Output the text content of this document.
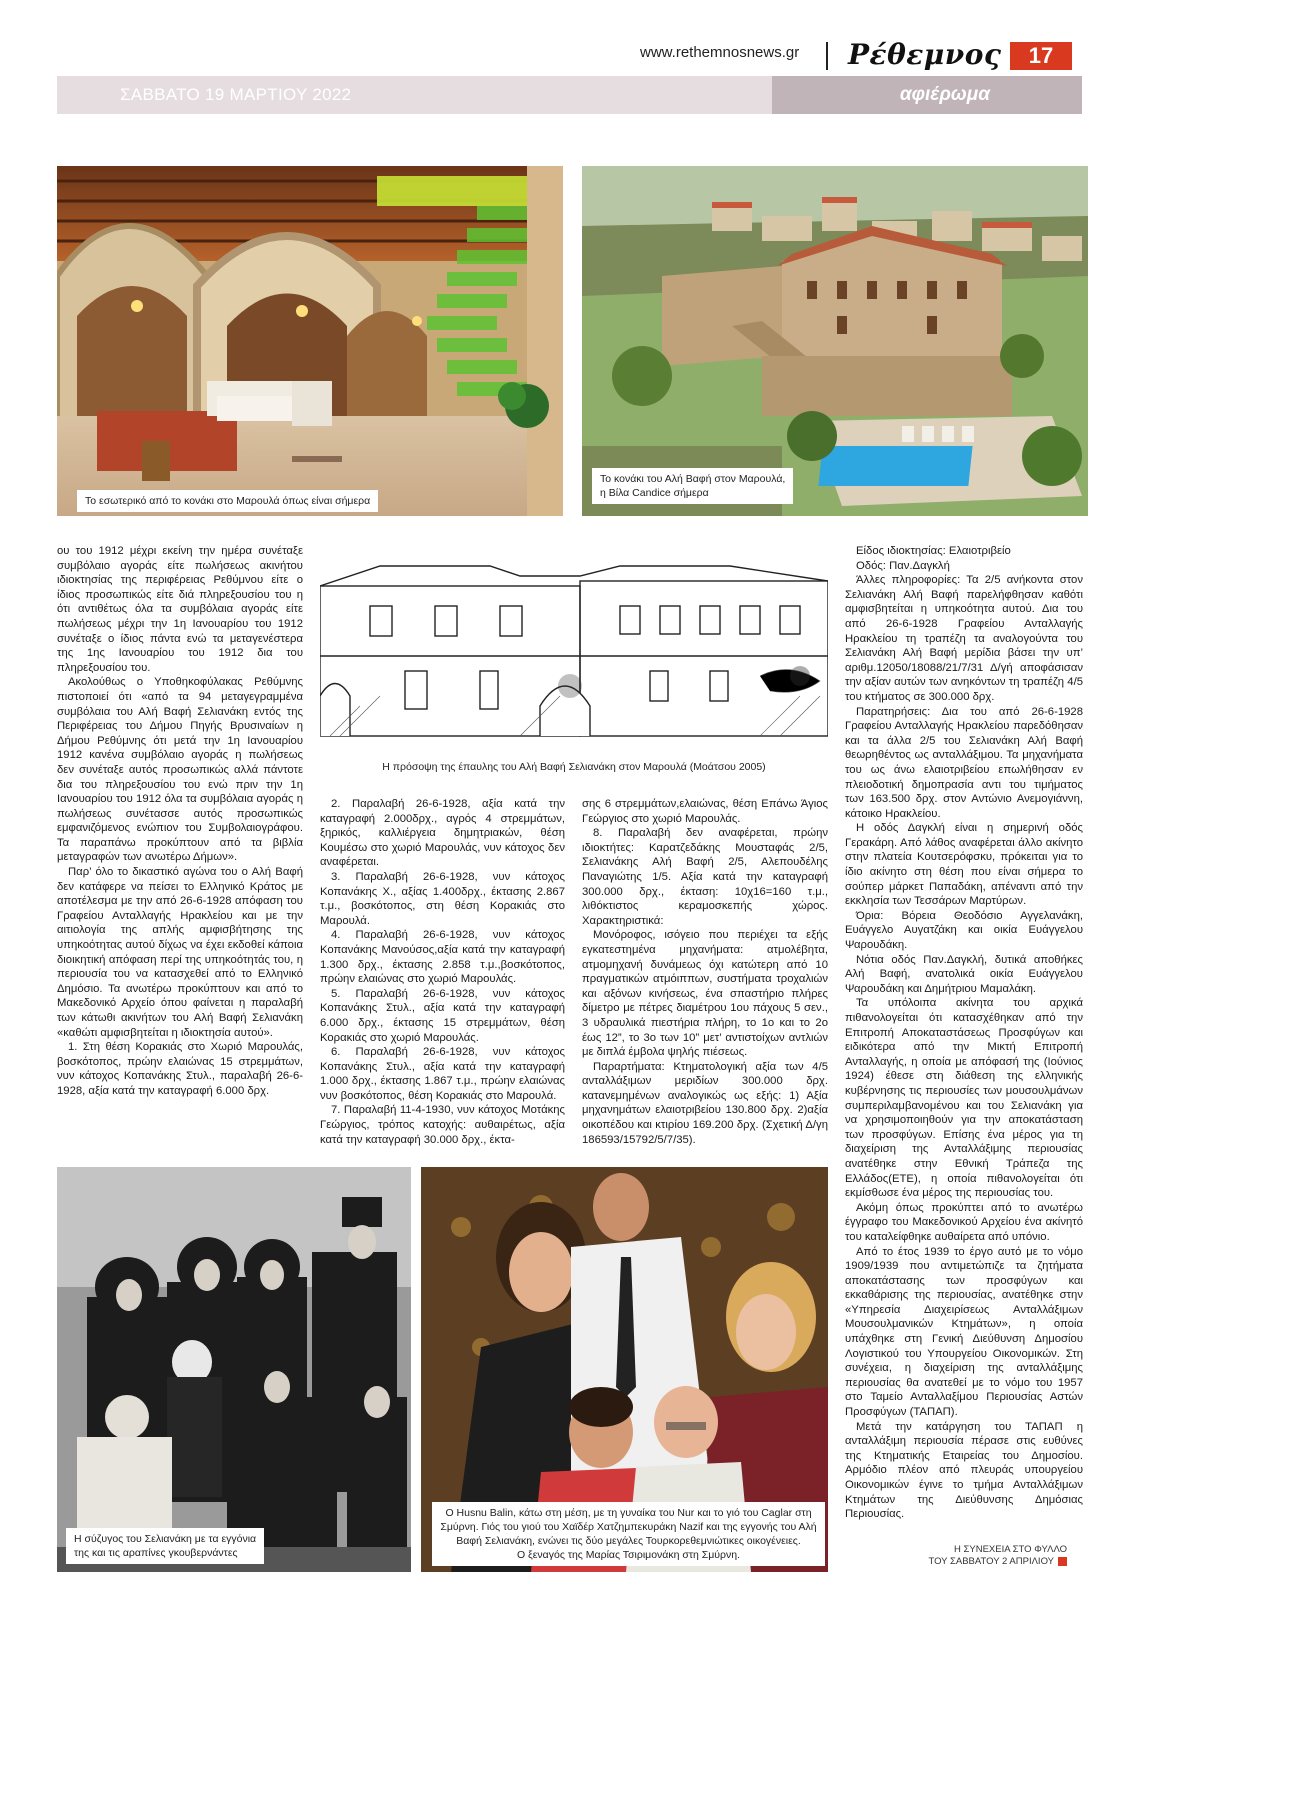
www.rethemnosnews.gr Ρέθεμνος	17
ΣΑΒΒΑΤΟ 19 ΜΑΡΤΙΟΥ 2022	αφιέρωμα
Το εσωτερικό από το κονάκι στο Μαρουλά όπως είναι σήμερα
Το κονάκι του Αλή Βαφή στον Μαρουλά,
η Βίλα Candice σήμερα
Η πρόσοψη της έπαυλης του Αλή Βαφή Σελιανάκη στον Μαρουλά (Μοάτσου 2005)

ου του 1912 μέχρι εκείνη την ημέρα συνέταξε συμβόλαιο αγοράς είτε πωλήσεως ακινήτου ιδιοκτησίας της περιφέρειας Ρεθύμνου είτε ο ίδιος προσωπικώς είτε διά πληρεξουσίου του η ότι αντιθέτως όλα τα συμβόλαια αγοράς είτε πωλήσεως μέχρι την 1η Ιανουαρίου του 1912 συνέταξε ο ίδιος πάντα ενώ τα μεταγενέστερα της 1ης Ιανουαρίου του 1912 δια του πληρεξουσίου του.

Ακολούθως ο Υποθηκοφύλακας Ρεθύμνης πιστοποιεί ότι «από τα 94 μεταγεγραμμένα συμβόλαια του Αλή Βαφή Σελιανάκη εντός της Περιφέρειας του Δήμου Πηγής Βρυσιναίων η Δήμου Ρεθύμνης ότι μετά την 1η Ιανουαρίου 1912 κανένα συμβόλαιο αγοράς η πωλήσεως δεν συνέταξε αυτός προσωπικώς αλλά πάντοτε δια του πληρεξουσίου του ενώ πριν την 1η Ιανουαρίου του 1912 όλα τα συμβόλαια αγοράς η πωλήσεως συνέτασσε αυτός προσωπικώς εμφανιζόμενος ενώπιον του Συμβολαιογράφου. Τα παραπάνω προκύπτουν από τα βιβλία μεταγραφών των ανωτέρω Δήμων».

Παρ’ όλο το δικαστικό αγώνα του ο Αλή Βαφή δεν κατάφερε να πείσει το Ελληνικό Κράτος με αποτέλεσμα με την από 26-6-1928 απόφαση του Γραφείου Ανταλλαγής Ηρακλείου και με την αιτιολογία της απλής αμφισβήτησης της υπηκοότητας αυτού δίχως να έχει εκδοθεί κάποια διοικητική απόφαση περί της υπηκοότητάς του, η περιουσία του να κατασχεθεί από το Ελληνικό Δημόσιο. Τα ανωτέρω προκύπτουν και από το Μακεδονικό Αρχείο όπου φαίνεται η παραλαβή των κάτωθι ακινήτων του Αλή Βαφή Σελιανάκη «καθώτι αμφισβητείται η ιδιοκτησία αυτού».

1. Στη θέση Κορακιάς στο Χωριό Μαρουλάς, βοσκότοπος, πρώην ελαιώνας 15 στρεμμάτων, νυν κάτοχος Κοπανάκης Στυλ., παραλαβή 26-6-1928, αξία κατά την καταγραφή 6.000 δρχ.

2. Παραλαβή 26-6-1928, αξία κατά την καταγραφή 2.000δρχ., αγρός 4 στρεμμάτων, ξηρικός, καλλιέργεια δημητριακών, θέση Κουμέσω στο χωριό Μαρουλάς, νυν κάτοχος δεν αναφέρεται.

3. Παραλαβή 26-6-1928, νυν κάτοχος Κοπανάκης Χ., αξίας 1.400δρχ., έκτασης 2.867 τ.μ., βοσκότοπος, στη θέση Κορακιάς στο Μαρουλά.

4. Παραλαβή 26-6-1928, νυν κάτοχος Κοπανάκης Μανούσος,αξία κατά την καταγραφή 1.300 δρχ., έκτασης 2.858 τ.μ.,βοσκότοπος, πρώην ελαιώνας στο χωριό Μαρουλάς.

5. Παραλαβή 26-6-1928, νυν κάτοχος Κοπανάκης Στυλ., αξία κατά την καταγραφή 6.000 δρχ., έκτασης 15 στρεμμάτων, θέση Κορακιάς στο χωριό Μαρουλάς.

6. Παραλαβή 26-6-1928, νυν κάτοχος Κοπανάκης Στυλ., αξία κατά την καταγραφή 1.000 δρχ., έκτασης 1.867 τ.μ., πρώην ελαιώνας νυν βοσκότοπος, θέση Κορακιάς στο Μαρουλά.

7. Παραλαβή 11-4-1930, νυν κάτοχος Μοτάκης Γεώργιος, τρόπος κατοχής: αυθαιρέτως, αξία κατά την καταγραφή 30.000 δρχ., έκτα-

σης 6 στρεμμάτων,ελαιώνας, θέση Επάνω Άγιος Γεώργιος στο χωριό Μαρουλάς.

8. Παραλαβή δεν αναφέρεται, πρώην ιδιοκτήτες: Καρατζεδάκης Μουσταφάς 2/5, Σελιανάκης Αλή Βαφή 2/5, Αλεπουδέλης Παναγιώτης 1/5. Αξία κατά την καταγραφή 300.000 δρχ., έκταση: 10χ16=160 τ.μ., λιθόκτιστος κεραμοσκεπής χώρος. Χαρακτηριστικά:

Μονόροφος, ισόγειο που περιέχει τα εξής εγκατεστημένα μηχανήματα: ατμολέβητα, ατμομηχανή δυνάμεως όχι κατώτερη από 10 πραγματικών ατμόιππων, συστήματα τροχαλιών και αξόνων κινήσεως, ένα σπαστήριο πλήρες δίμετρο με πέτρες διαμέτρου 1ου πάχους 5 σεν., 3 υδραυλικά πιεστήρια πλήρη, το 1ο και το 2ο έως 12”, το 3ο των 10” μετ’ αντιστοίχων αντλιών με διπλά έμβολα ψηλής πιέσεως.

Παραρτήματα: Κτηματολογική αξία των 4/5 ανταλλάξιμων μεριδίων 300.000 δρχ. κατανεμημένων αναλογικώς ως εξής: 1) Αξία μηχανημάτων ελαιοτριβείου 130.800 δρχ. 2)αξία οικοπέδου και κτιρίου 169.200 δρχ. (Σχετική Δ/γη 186593/15792/5/7/35).

Είδος ιδιοκτησίας: Ελαιοτριβείο

Οδός: Παν.Δαγκλή

Άλλες πληροφορίες: Τα 2/5 ανήκοντα στον Σελιανάκη Αλή Βαφή παρελήφθησαν καθότι αμφισβητείται η υπηκοότητα αυτού. Δια του από 26-6-1928 Γραφείου Ανταλλαγής Ηρακλείου τη τραπέζη τα αναλογούντα του Σελιανάκη Αλή Βαφή μερίδια βάσει την υπ’ αριθμ.12050/18088/21/7/31 Δ/γή αποφάσισαν την αξίαν αυτών των ανηκόντων τη τραπέζη 4/5 του κτήματος σε 300.000 δρχ.

Παρατηρήσεις: Δια του από 26-6-1928 Γραφείου Ανταλλαγής Ηρακλείου παρεδόθησαν και τα άλλα 2/5 του Σελιανάκη Αλή Βαφή θεωρηθέντος ως ανταλλάξιμου. Τα μηχανήματα του ως άνω ελαιοτριβείου επωλήθησαν εν πλειοδοτική δημοπρασία αντι του τιμήματος των 163.500 δρχ. στον Αντώνιο Ανεμογιάννη, κάτοικο Ηρακλείου.

Η οδός Δαγκλή είναι η σημερινή οδός Γερακάρη. Από λάθος αναφέρεται άλλο ακίνητο στην πλατεία Κουτσερόφσκυ, πρόκειται για το ίδιο ακίνητο στη θέση που είναι σήμερα το σούπερ μάρκετ Παπαδάκη, απέναντι από την εκκλησία των Τεσσάρων Μαρτύρων.

Όρια: Βόρεια Θεοδόσιο Αγγελανάκη, Ευάγγελο Αυγατζάκη και οικία Ευάγγελου Ψαρουδάκη.

Νότια οδός Παν.Δαγκλή, δυτικά αποθήκες Αλή Βαφή, ανατολικά οικία Ευάγγελου Ψαρουδάκη και Δημήτριου Μαμαλάκη.

Τα υπόλοιπα ακίνητα του αρχικά πιθανολογείται ότι κατασχέθηκαν από την Επιτροπή Αποκαταστάσεως Προσφύγων και ειδικότερα από την Μικτή Επιτροπή Ανταλλαγής, η οποία με απόφασή της (Ιούνιος 1924) έθεσε στη διάθεση της ελληνικής κυβέρνησης τις περιουσίες των μουσουλμάνων συμπεριλαμβανομένου και του Σελιανάκη για να χρησιμοποιηθούν για την αποκατάσταση των προσφύγων. Επίσης ένα μέρος για τη διαχείριση της Ανταλλάξιμης περιουσίας ανατέθηκε στην Εθνική Τράπεζα της Ελλάδος(ΕΤΕ), η οποία πιθανολογείται ότι εκμίσθωσε ένα μέρος της περιουσίας του.

Ακόμη όπως προκύπτει από το ανωτέρω έγγραφο του Μακεδονικού Αρχείου ένα ακίνητό του καταλείφθηκε αυθαίρετα από υπόνιο.

Από το έτος 1939 το έργο αυτό με το νόμο 1909/1939 που αντιμετώπιζε τα ζητήματα αποκατάστασης των προσφύγων και εκκαθάρισης της περιουσίας, ανατέθηκε στην «Υπηρεσία Διαχειρίσεως Ανταλλάξιμων Μουσουλμανικών Κτημάτων», η οποία υπάχθηκε στη Γενική Διεύθυνση Δημοσίου Λογιστικού του Υπουργείου Οικονομικών. Στη συνέχεια, η διαχείριση της ανταλλάξιμης περιουσίας θα ανατεθεί με το νόμο του 1957 στο Ταμείο Ανταλλαξίμου Περιουσίας Αστών Προσφύγων (ΤΑΠΑΠ).

Μετά την κατάργηση του ΤΑΠΑΠ η ανταλλάξιμη περιουσία πέρασε στις ευθύνες της Κτηματικής Εταιρείας του Δημοσίου. Αρμόδιο πλέον από πλευράς υπουργείου Οικονομικών έγινε το τμήμα Ανταλλάξιμων Κτημάτων της Διεύθυνσης Δημόσιας Περιουσίας.

Η σύζυγος του Σελιανάκη με τα εγγόνια
της και τις αραπίνες γκουβερνάντες
Ο Husnu Balin, κάτω στη μέση, με τη γυναίκα του Nur και το γιό του Caglar στη
Σμύρνη. Γιός του γιού του Χαϊδέρ Χατζημπεκυράκη Nazif και της εγγονής του Αλή
Βαφή Σελιανάκη, ενώνει τις δύο μεγάλες Τουρκορεθεμνιώτικες οικογένειες.
Ο ξεναγός της Μαρίας Τσιριμονάκη στη Σμύρνη.	Η ΣΥΝΕΧΕΙΑ ΣΤΟ ΦΥΛΛΟ
ΤΟΥ ΣΑΒΒΑΤΟΥ 2 ΑΠΡΙΛΙΟΥ
